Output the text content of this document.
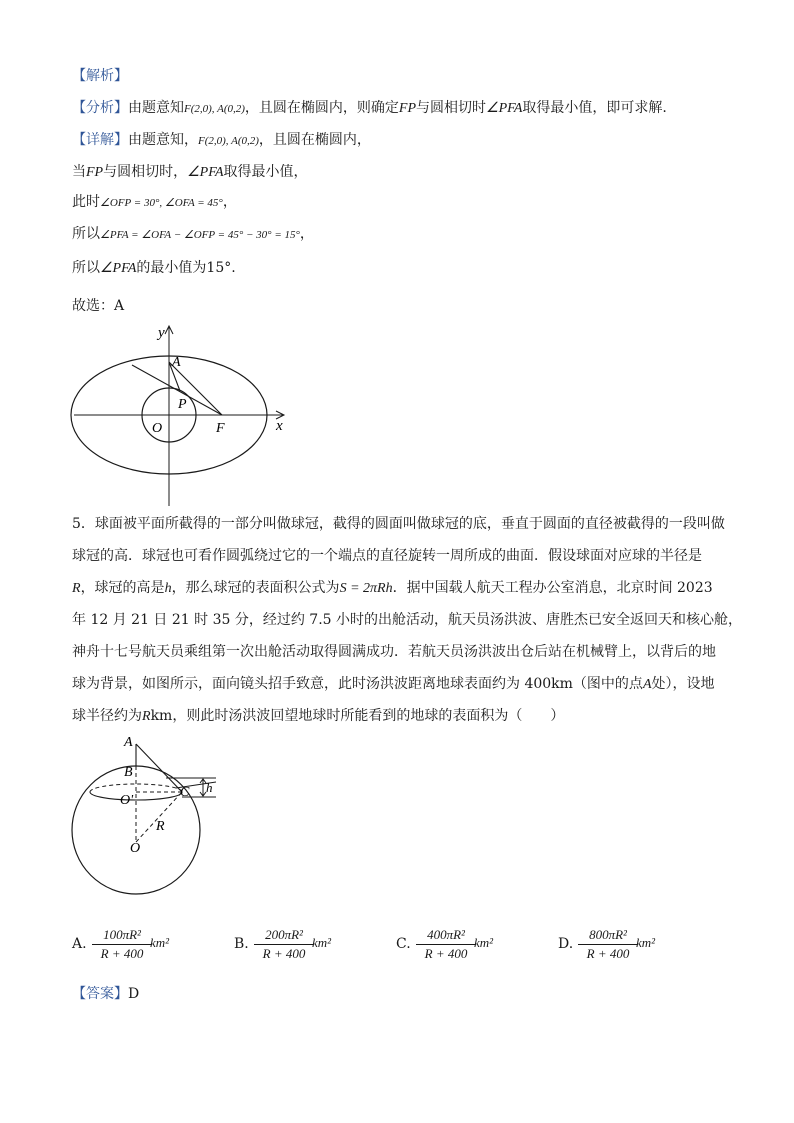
【解析】
【分析】由题意知F(2,0), A(0,2)，且圆在椭圆内，则确定FP与圆相切时∠PFA取得最小值，即可求解.
【详解】由题意知，F(2,0), A(0,2)，且圆在椭圆内，
当FP与圆相切时，∠PFA取得最小值，
此时∠OFP = 30°, ∠OFA = 45°，
所以∠PFA = ∠OFA − ∠OFP = 45° − 30° = 15°，
所以∠PFA的最小值为15°.
故选：A
y
x
A
P
O	F
5．球面被平面所截得的一部分叫做球冠，截得的圆面叫做球冠的底，垂直于圆面的直径被截得的一段叫做
球冠的高．球冠也可看作圆弧绕过它的一个端点的直径旋转一周所成的曲面．假设球面对应球的半径是
R，球冠的高是h，那么球冠的表面积公式为S = 2πRh．据中国载人航天工程办公室消息，北京时间 2023
年 12 月 21 日 21 时 35 分，经过约 7.5 小时的出舱活动，航天员汤洪波、唐胜杰已安全返回天和核心舱，
神舟十七号航天员乘组第一次出舱活动取得圆满成功．若航天员汤洪波出仓后站在机械臂上，以背后的地
球为背景，如图所示，面向镜头招手致意，此时汤洪波距离地球表面约为 400km（图中的点A处），设地
球半径约为Rkm，则此时汤洪波回望地球时所能看到的地球的表面积为（　　）
A
B
C
O'
R
O
h
A. $\frac{\text{100πR²}}{R + 400}$
km²	B. $\frac{\text{200πR²}}{R + 400}$
km²	C. $\frac{\text{400πR²}}{R + 400}$
km²	D. $\frac{\text{800πR²}}{R + 400}$
km²
【答案】D
